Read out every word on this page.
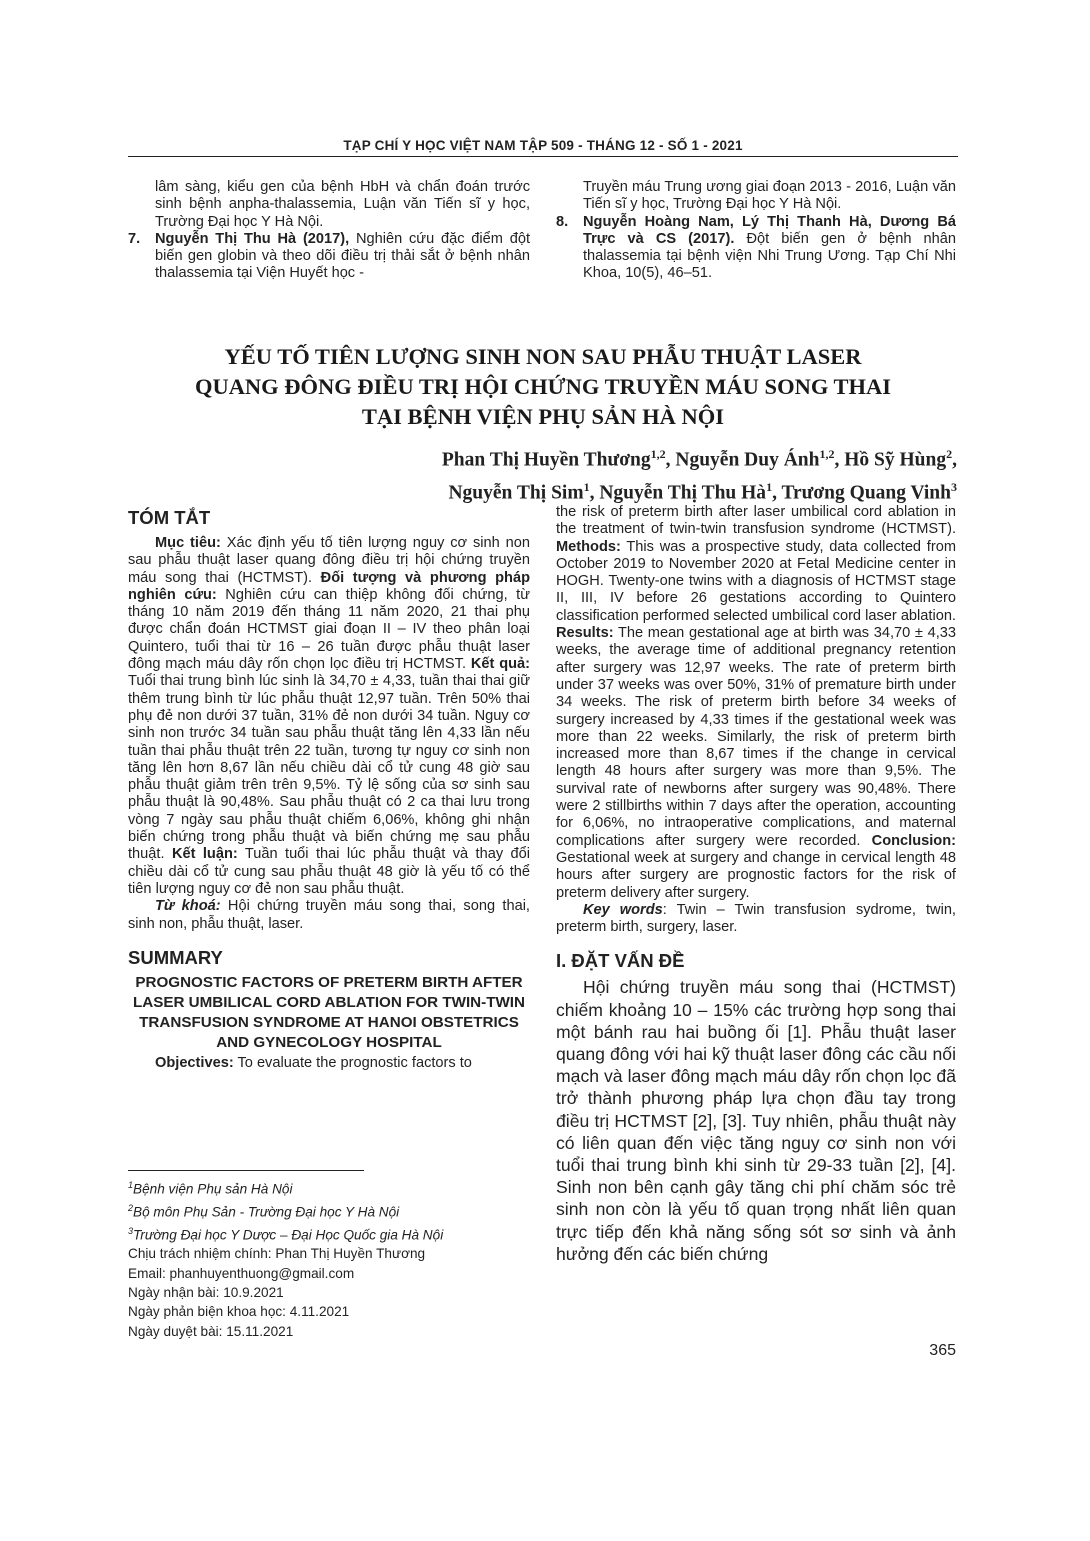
TẠP CHÍ Y HỌC VIỆT NAM TẬP 509 - THÁNG 12 - SỐ 1 - 2021

lâm sàng, kiểu gen của bệnh HbH và chẩn đoán trước sinh bệnh anpha-thalassemia, Luận văn Tiến sĩ y học, Trường Đại học Y Hà Nội.

7.	Nguyễn Thị Thu Hà (2017), Nghiên cứu đặc điểm đột biến gen globin và theo dõi điều trị thải sắt ở bệnh nhân thalassemia tại Viện Huyết học -

Truyền máu Trung ương giai đoạn 2013 - 2016, Luận văn Tiến sĩ y học, Trường Đại học Y Hà Nội.

8.	Nguyễn Hoàng Nam, Lý Thị Thanh Hà, Dương Bá Trực và CS (2017). Đột biến gen ở bệnh nhân thalassemia tại bệnh viện Nhi Trung Ương. Tạp Chí Nhi Khoa, 10(5), 46–51.
YẾU TỐ TIÊN LƯỢNG SINH NON SAU PHẪU THUẬT LASER
QUANG ĐÔNG ĐIỀU TRỊ HỘI CHỨNG TRUYỀN MÁU SONG THAI
TẠI BỆNH VIỆN PHỤ SẢN HÀ NỘI
Phan Thị Huyền Thương$^{1,2}$, Nguyễn Duy Ánh$^{1,2}$, Hồ Sỹ Hùng$^2$,
Nguyễn Thị Sim$^1$, Nguyễn Thị Thu $Hà^1$, Trương Quang Vinh$^3$

TÓM TẮT

Mục tiêu: Xác định yếu tố tiên lượng nguy cơ sinh non sau phẫu thuật laser quang đông điều trị hội chứng truyền máu song thai (HCTMST). Đối tượng và phương pháp nghiên cứu: Nghiên cứu can thiệp không đối chứng, từ tháng 10 năm 2019 đến tháng 11 năm 2020, 21 thai phụ được chẩn đoán HCTMST giai đoạn II – IV theo phân loại Quintero, tuổi thai từ 16 – 26 tuần được phẫu thuật laser đông mạch máu dây rốn chọn lọc điều trị HCTMST. Kết quả: Tuổi thai trung bình lúc sinh là 34,70 ± 4,33, tuần thai thai giữ thêm trung bình từ lúc phẫu thuật 12,97 tuần. Trên 50% thai phụ đẻ non dưới 37 tuần, 31% đẻ non dưới 34 tuần. Nguy cơ sinh non trước 34 tuần sau phẫu thuật tăng lên 4,33 lần nếu tuần thai phẫu thuật trên 22 tuần, tương tự nguy cơ sinh non tăng lên hơn 8,67 lần nếu chiều dài cổ tử cung 48 giờ sau phẫu thuật giảm trên trên 9,5%. Tỷ lệ sống của sơ sinh sau phẫu thuật là 90,48%. Sau phẫu thuật có 2 ca thai lưu trong vòng 7 ngày sau phẫu thuật chiếm 6,06%, không ghi nhận biến chứng trong phẫu thuật và biến chứng mẹ sau phẫu thuật. Kết luận: Tuần tuổi thai lúc phẫu thuật và thay đổi chiều dài cổ tử cung sau phẫu thuật 48 giờ là yếu tố có thể tiên lượng nguy cơ đẻ non sau phẫu thuật.

Từ khoá: Hội chứng truyền máu song thai, song thai, sinh non, phẫu thuật, laser.

SUMMARY

PROGNOSTIC FACTORS OF PRETERM BIRTH AFTER LASER UMBILICAL CORD ABLATION FOR TWIN-TWIN TRANSFUSION SYNDROME AT HANOI OBSTETRICS AND GYNECOLOGY HOSPITAL

Objectives: To evaluate the prognostic factors to

the risk of preterm birth after laser umbilical cord ablation in the treatment of twin-twin transfusion syndrome (HCTMST). Methods: This was a prospective study, data collected from October 2019 to November 2020 at Fetal Medicine center in HOGH. Twenty-one twins with a diagnosis of HCTMST stage II, III, IV before 26 gestations according to Quintero classification performed selected umbilical cord laser ablation. Results: The mean gestational age at birth was 34,70 ± 4,33 weeks, the average time of additional pregnancy retention after surgery was 12,97 weeks. The rate of preterm birth under 37 weeks was over 50%, 31% of premature birth under 34 weeks. The risk of preterm birth before 34 weeks of surgery increased by 4,33 times if the gestational week was more than 22 weeks. Similarly, the risk of preterm birth increased more than 8,67 times if the change in cervical length 48 hours after surgery was more than 9,5%. The survival rate of newborns after surgery was 90,48%. There were 2 stillbirths within 7 days after the operation, accounting for 6,06%, no intraoperative complications, and maternal complications after surgery were recorded. Conclusion: Gestational week at surgery and change in cervical length 48 hours after surgery are prognostic factors for the risk of preterm delivery after surgery.

Key words: Twin – Twin transfusion sydrome, twin, preterm birth, surgery, laser.

I. ĐẶT VẤN ĐỀ

Hội chứng truyền máu song thai (HCTMST) chiếm khoảng 10 – 15% các trường hợp song thai một bánh rau hai buồng ối [1]. Phẫu thuật laser quang đông với hai kỹ thuật laser đông các cầu nối mạch và laser đông mạch máu dây rốn chọn lọc đã trở thành phương pháp lựa chọn đầu tay trong điều trị HCTMST [2], [3]. Tuy nhiên, phẫu thuật này có liên quan đến việc tăng nguy cơ sinh non với tuổi thai trung bình khi sinh từ 29-33 tuần [2], [4]. Sinh non bên cạnh gây tăng chi phí chăm sóc trẻ sinh non còn là yếu tố quan trọng nhất liên quan trực tiếp đến khả năng sống sót sơ sinh và ảnh hưởng đến các biến chứng

$^1$Bệnh viện Phụ sản Hà Nội
$^2$Bộ môn Phụ Sản - Trường Đại học Y Hà Nội
$^3$Trường Đại học Y Dược – Đại Học Quốc gia Hà Nội
Chịu trách nhiệm chính: Phan Thị Huyền Thương
Email: phanhuyenthuong@gmail.com
Ngày nhận bài: 10.9.2021
Ngày phản biện khoa học: 4.11.2021
Ngày duyệt bài: 15.11.2021
365
